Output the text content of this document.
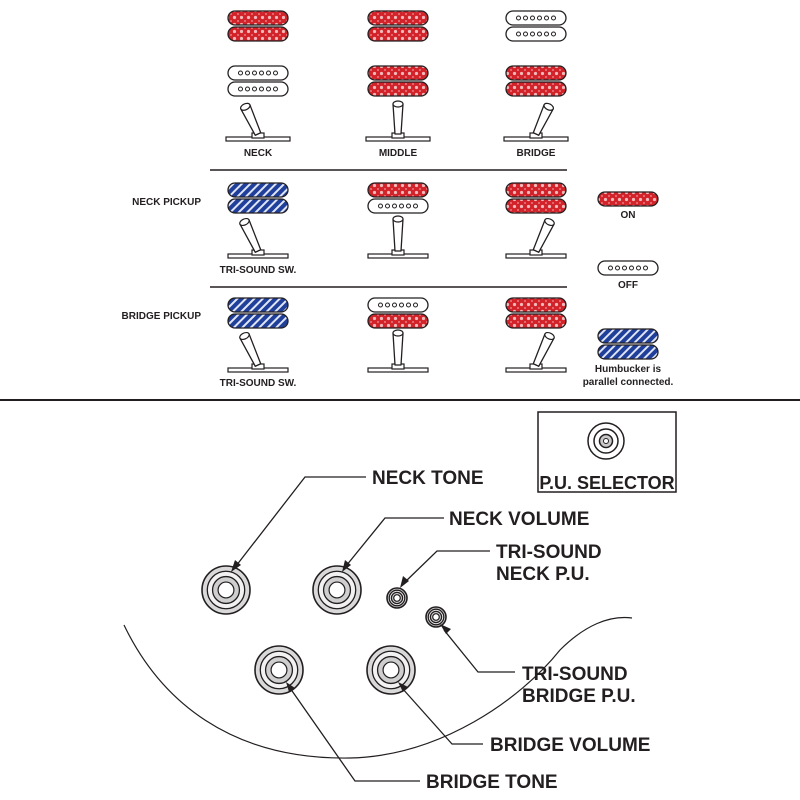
NECK	MIDDLE	BRIDGE
NECK PICKUP
BRIDGE PICKUP
TRI-SOUND SW.
TRI-SOUND SW.
ON
OFF
Humbucker is
parallel connected.
P.U. SELECTOR
NECK TONE
NECK VOLUME
TRI-SOUND
NECK P.U.
TRI-SOUND
BRIDGE P.U.
BRIDGE VOLUME
BRIDGE TONE
